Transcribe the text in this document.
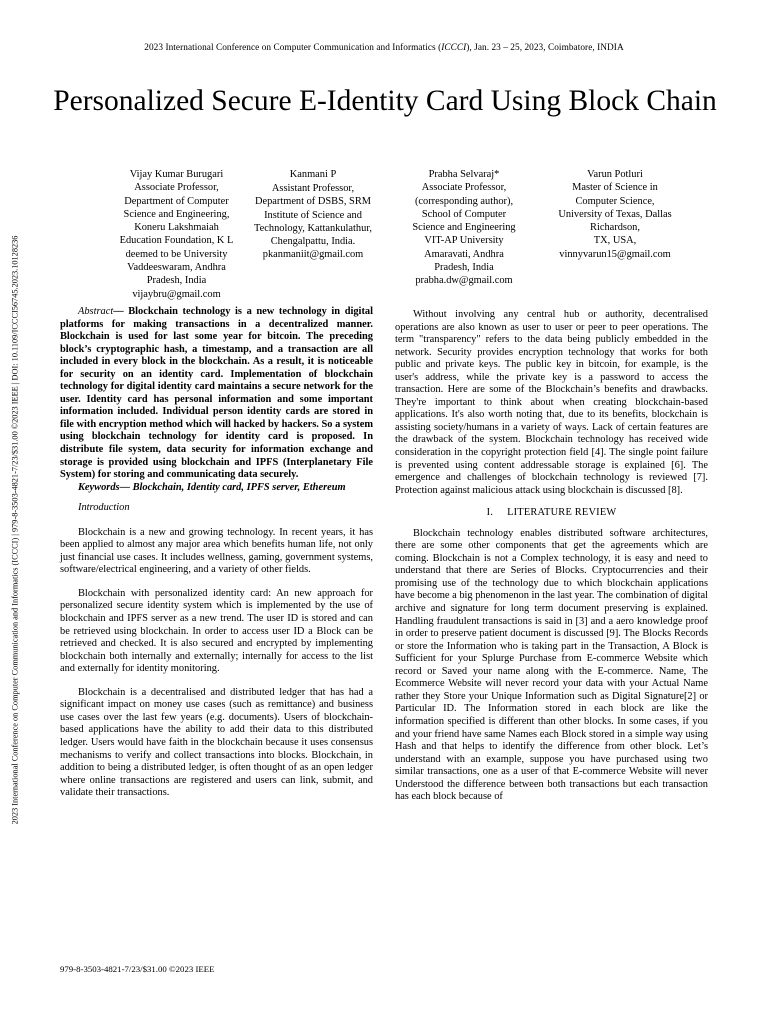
2023 International Conference on Computer Communication and Informatics (ICCCI), Jan. 23 – 25, 2023, Coimbatore, INDIA
Personalized Secure E-Identity Card Using Block Chain
2023 International Conference on Computer Communication and Informatics (ICCCI) | 979-8-3503-4821-7/23/$31.00 ©2023 IEEE | DOI: 10.1109/ICCCI56745.2023.10128236
Vijay Kumar Burugari
Associate Professor,
Department of Computer
Science and Engineering,
Koneru Lakshmaiah
Education Foundation, K L
deemed to be University
Vaddeeswaram, Andhra
Pradesh, India
vijaybru@gmail.com
Kanmani P
Assistant Professor,
Department of DSBS, SRM
Institute of Science and
Technology, Kattankulathur,
Chengalpattu, India.
pkanmaniit@gmail.com
Prabha Selvaraj*
Associate Professor,
(corresponding author),
School of Computer
Science and Engineering
VIT-AP University
Amaravati, Andhra
Pradesh, India
prabha.dw@gmail.com
Varun Potluri
Master of Science in
Computer Science,
University of Texas, Dallas
Richardson,
TX, USA,
vinnyvarun15@gmail.com

Abstract— Blockchain technology is a new technology in digital platforms for making transactions in a decentralized manner. Blockchain is used for last some year for bitcoin. The preceding block’s cryptographic hash, a timestamp, and a transaction are all included in every block in the blockchain. As a result, it is noticeable for security on an identity card. Implementation of blockchain technology for digital identity card maintains a secure network for the user. Identity card has personal information and some important information included. Individual person identity cards are stored in file with encryption method which will hacked by hackers. So a system using blockchain technology for identity card is proposed. In distribute file system, data security for information exchange and storage is provided using blockchain and IPFS (Interplanetary File System) for storing and communicating data securely.

Keywords— Blockchain, Identity card, IPFS server, Ethereum

Introduction

Blockchain is a new and growing technology. In recent years, it has been applied to almost any major area which benefits human life, not only just financial use cases. It includes wellness, gaming, government systems, software/electrical engineering, and a variety of other fields.

Blockchain with personalized identity card: An new approach for personalized secure identity system which is implemented by the use of blockchain and IPFS server as a new trend. The user ID is stored and can be retrieved using blockchain. In order to access user ID a Block can be retrieved and checked. It is also secured and encrypted by implementing blockchain both internally and externally; internally for access to the list and externally for identity monitoring.

Blockchain is a decentralised and distributed ledger that has had a significant impact on money use cases (such as remittance) and business use cases over the last few years (e.g. documents). Users of blockchain-based applications have the ability to add their data to this distributed ledger. Users would have faith in the blockchain because it uses consensus mechanisms to verify and collect transactions into blocks. Blockchain, in addition to being a distributed ledger, is often thought of as an open ledger where online transactions are registered and users can link, submit, and validate their transactions.

Without involving any central hub or authority, decentralised operations are also known as user to user or peer to peer operations. The term "transparency" refers to the data being publicly embedded in the network. Security provides encryption technology that works for both public and private keys. The public key in bitcoin, for example, is the user's address, while the private key is a password to access the transaction. Here are some of the Blockchain’s benefits and drawbacks. They're important to think about when creating blockchain-based applications. It's also worth noting that, due to its benefits, blockchain is assisting society/humans in a variety of ways. Lack of certain features are the drawback of the system. Blockchain technology has received wide consideration in the copyright protection field [4]. The single point failure is prevented using content addressable storage is explained [6]. The emergence and challenges of blockchain technology is reviewed [7]. Protection against malicious attack using blockchain is discussed [8].

I. LITERATURE REVIEW

Blockchain technology enables distributed software architectures, there are some other components that get the agreements which are coming. Blockchain is not a Complex technology, it is easy and need to understand that there are Series of Blocks. Cryptocurrencies and their promising use of the technology due to which blockchain applications have become a big phenomenon in the last year. The combination of digital archive and signature for long term document preserving is explained. Handling fraudulent transactions is said in [3] and a aero knowledge proof in order to preserve patient document is discussed [9]. The Blocks Records or store the Information who is taking part in the Transaction, A Block is Sufficient for your Splurge Purchase from E-commerce Website which record or Saved your name along with the E-commerce. Name, The Ecommerce Website will never record your data with your Actual Name rather they Store your Unique Information such as Digital Signature[2] or Particular ID. The Information stored in each block are like the information specified is different than other blocks. In some cases, if you and your friend have same Names each Block stored in a simple way using Hash and that helps to identify the difference from other block. Let’s understand with an example, suppose you have purchased using two similar transactions, one as a user of that E-commerce Website will never Understood the difference between both transactions but each transaction has each block because of

979-8-3503-4821-7/23/$31.00 ©2023 IEEE
